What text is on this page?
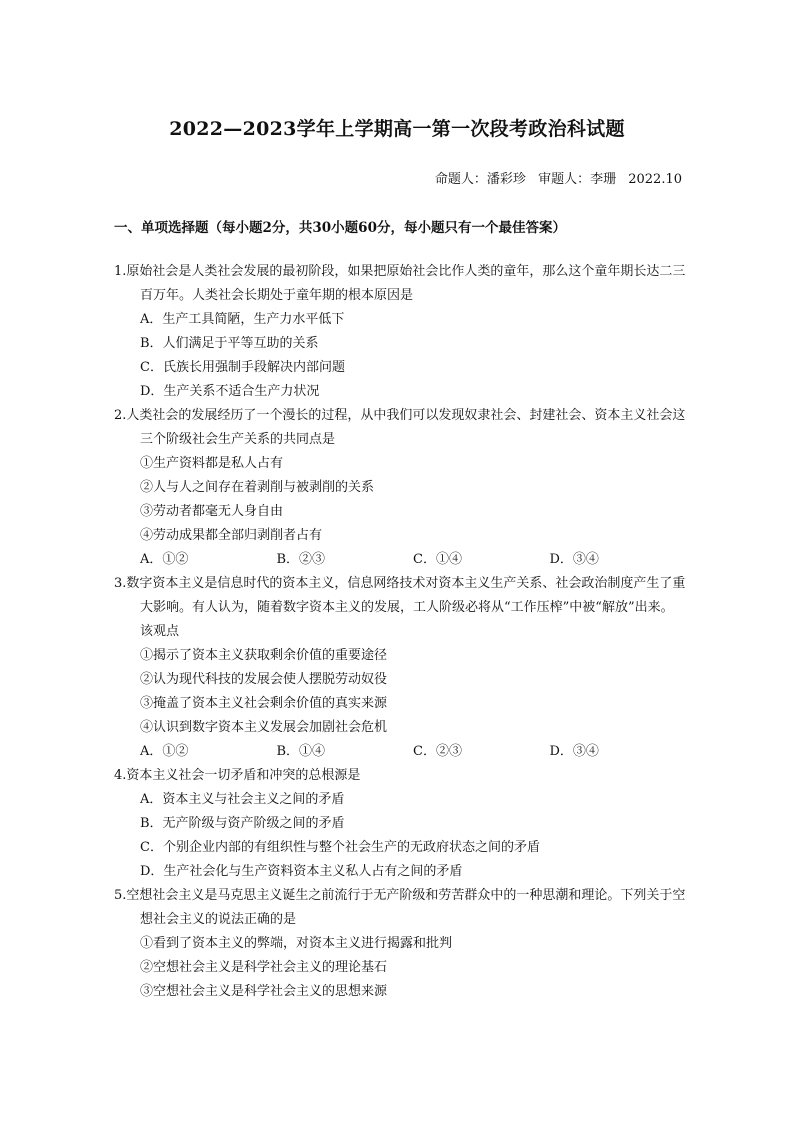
2022—2023学年上学期高一第一次段考政治科试题
命题人：潘彩珍 审题人：李珊 2022.10
一、单项选择题（每小题2分，共30小题60分，每小题只有一个最佳答案）

1.原始社会是人类社会发展的最初阶段，如果把原始社会比作人类的童年，那么这个童年期长达二三百万年。人类社会长期处于童年期的根本原因是

A．生产工具简陋，生产力水平低下

B．人们满足于平等互助的关系

C．氏族长用强制手段解决内部问题

D．生产关系不适合生产力状况

2.人类社会的发展经历了一个漫长的过程，从中我们可以发现奴隶社会、封建社会、资本主义社会这三个阶级社会生产关系的共同点是

①生产资料都是私人占有

②人与人之间存在着剥削与被剥削的关系

③劳动者都毫无人身自由

④劳动成果都全部归剥削者占有

A．①②	B．②③	C．①④	D．③④

3.数字资本主义是信息时代的资本主义，信息网络技术对资本主义生产关系、社会政治制度产生了重大影响。有人认为，随着数字资本主义的发展，工人阶级必将从“工作压榨”中被“解放”出来。该观点

①揭示了资本主义获取剩余价值的重要途径

②认为现代科技的发展会使人摆脱劳动奴役

③掩盖了资本主义社会剩余价值的真实来源

④认识到数字资本主义发展会加剧社会危机

A．①②	B．①④	C．②③	D．③④

4.资本主义社会一切矛盾和冲突的总根源是

A．资本主义与社会主义之间的矛盾

B．无产阶级与资产阶级之间的矛盾

C．个别企业内部的有组织性与整个社会生产的无政府状态之间的矛盾

D．生产社会化与生产资料资本主义私人占有之间的矛盾

5.空想社会主义是马克思主义诞生之前流行于无产阶级和劳苦群众中的一种思潮和理论。下列关于空想社会主义的说法正确的是

①看到了资本主义的弊端，对资本主义进行揭露和批判

②空想社会主义是科学社会主义的理论基石

③空想社会主义是科学社会主义的思想来源
